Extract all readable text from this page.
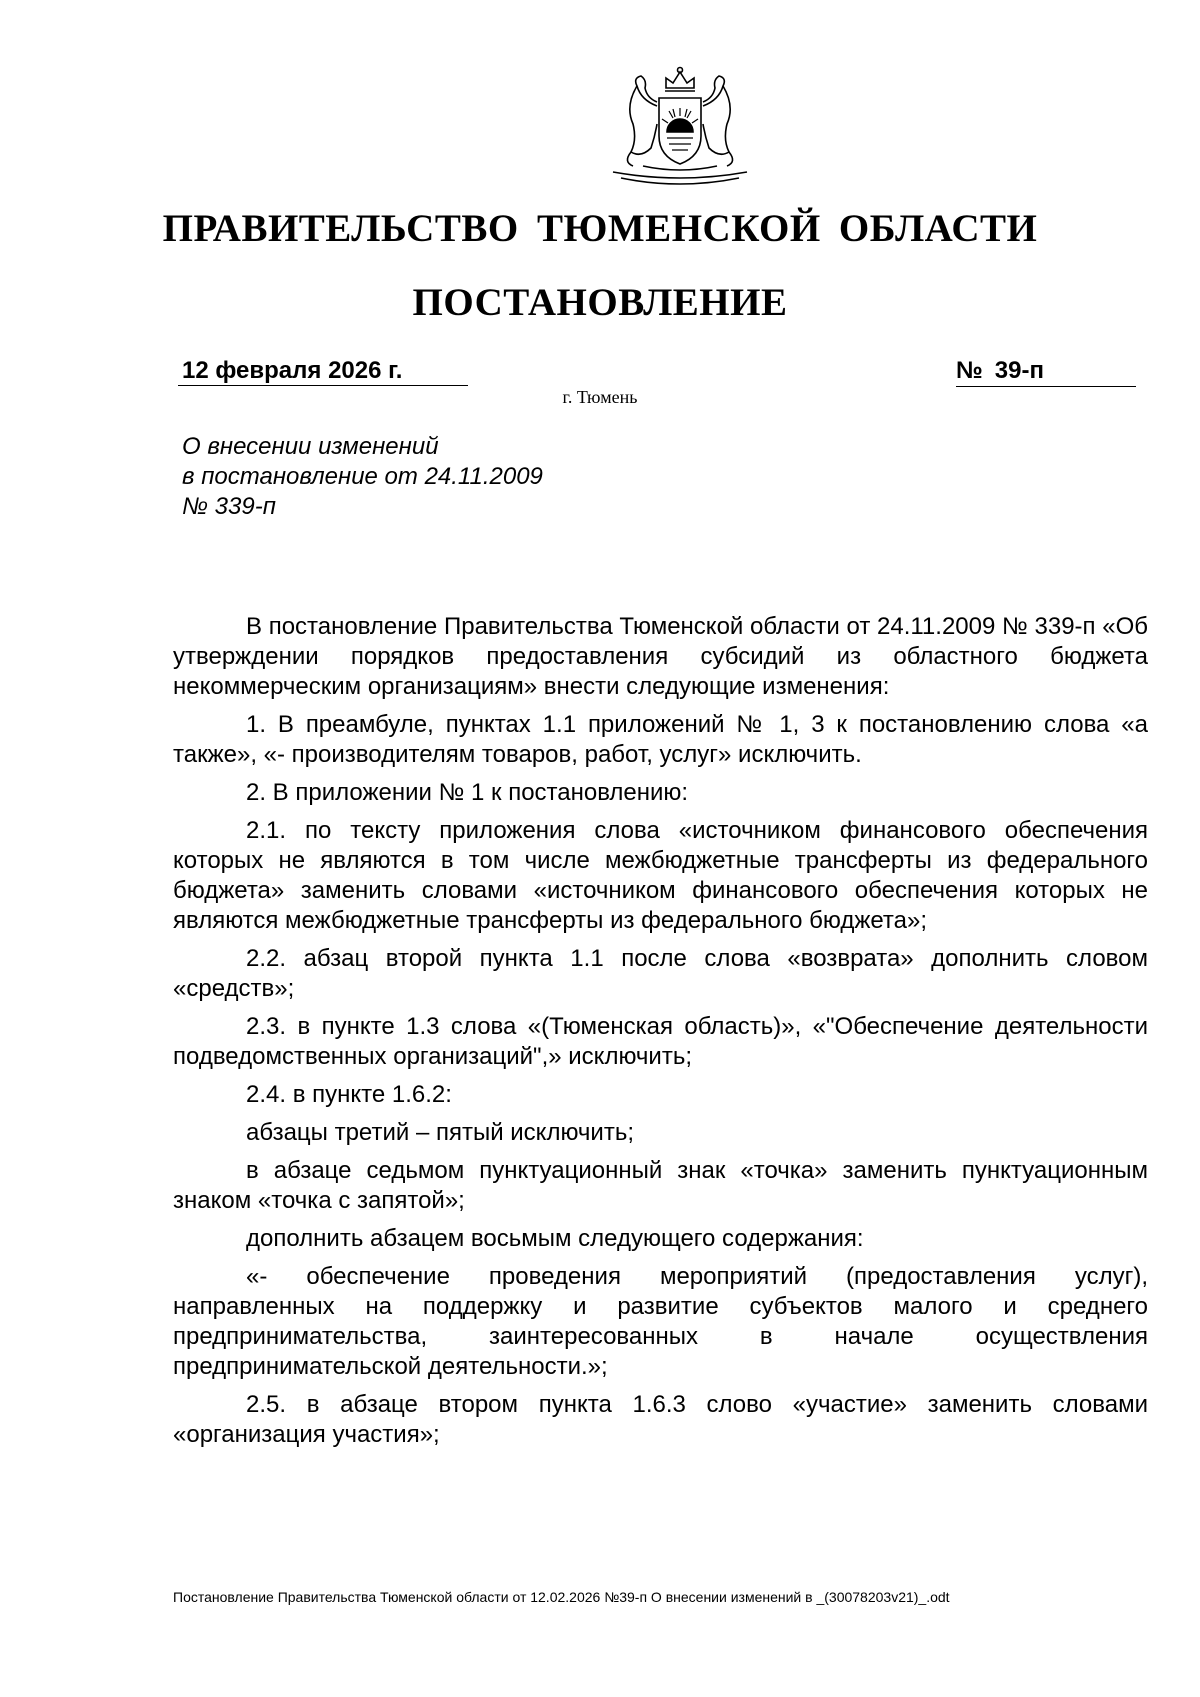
ПРАВИТЕЛЬСТВО ТЮМЕНСКОЙ ОБЛАСТИ
ПОСТАНОВЛЕНИЕ
12 февраля 2026 г.	№ 39-п
г. Тюмень
О внесении изменений
в постановление от 24.11.2009
№ 339-п

В постановление Правительства Тюменской области от 24.11.2009 № 339-п «Об утверждении порядков предоставления субсидий из областного бюджета некоммерческим организациям» внести следующие изменения:

1. В преамбуле, пунктах 1.1 приложений № 1, 3 к постановлению слова «а также», «- производителям товаров, работ, услуг» исключить.

2. В приложении № 1 к постановлению:

2.1. по тексту приложения слова «источником финансового обеспечения которых не являются в том числе межбюджетные трансферты из федерального бюджета» заменить словами «источником финансового обеспечения которых не являются межбюджетные трансферты из федерального бюджета»;

2.2. абзац второй пункта 1.1 после слова «возврата» дополнить словом «средств»;

2.3. в пункте 1.3 слова «(Тюменская область)», «"Обеспечение деятельности подведомственных организаций",» исключить;

2.4. в пункте 1.6.2:

абзацы третий – пятый исключить;

в абзаце седьмом пунктуационный знак «точка» заменить пунктуационным знаком «точка с запятой»;

дополнить абзацем восьмым следующего содержания:

«- обеспечение проведения мероприятий (предоставления услуг), направленных на поддержку и развитие субъектов малого и среднего предпринимательства, заинтересованных в начале осуществления предпринимательской деятельности.»;

2.5. в абзаце втором пункта 1.6.3 слово «участие» заменить словами «организация участия»;

Постановление Правительства Тюменской области от 12.02.2026 №39-п О внесении изменений в _(30078203v21)_.odt
